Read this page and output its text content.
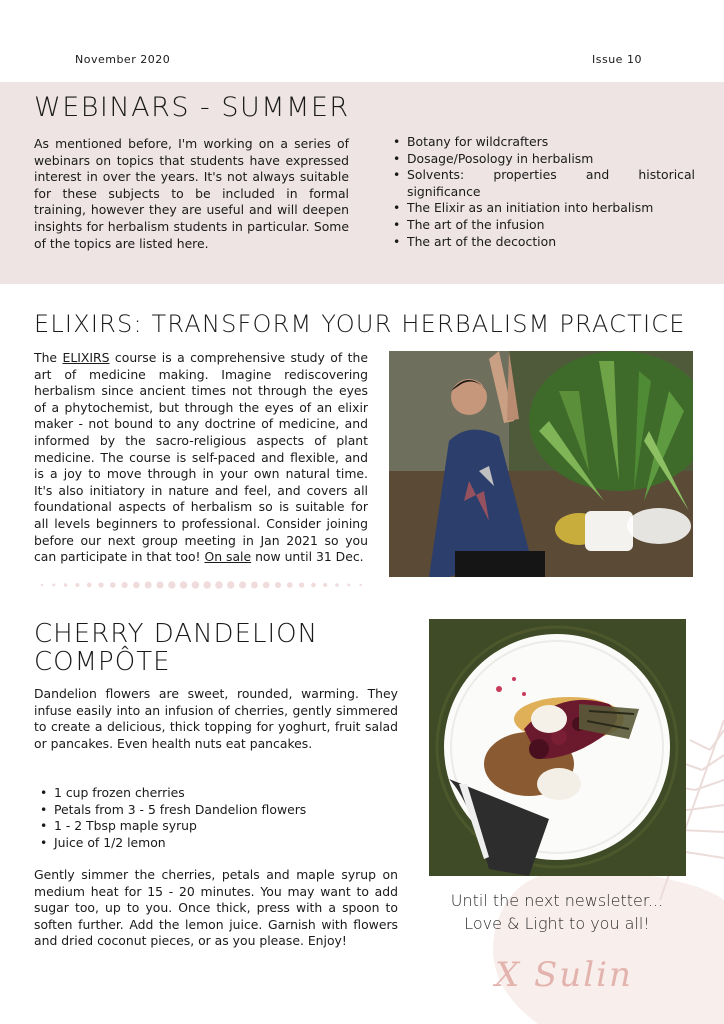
November 2020	Issue 10
WEBINARS - SUMMER

As mentioned before, I'm working on a series of webinars on topics that students have expressed interest in over the years. It's not always suitable for these subjects to be included in formal training, however they are useful and will deepen insights for herbalism students in particular. Some of the topics are listed here.

• Botany for wildcrafters
• Dosage/Posology in herbalism
• Solvents: properties and historical significance
• The Elixir as an initiation into herbalism
• The art of the infusion
• The art of the decoction
ELIXIRS: TRANSFORM YOUR HERBALISM PRACTICE

The ELIXIRS course is a comprehensive study of the art of medicine making. Imagine rediscovering herbalism since ancient times not through the eyes of a phytochemist, but through the eyes of an elixir maker - not bound to any doctrine of medicine, and informed by the sacro-religious aspects of plant medicine. The course is self-paced and flexible, and is a joy to move through in your own natural time. It's also initiatory in nature and feel, and covers all foundational aspects of herbalism so is suitable for all levels beginners to professional. Consider joining before our next group meeting in Jan 2021 so you can participate in that too! On sale now until 31 Dec.

CHERRY DANDELION
COMPÔTE

Dandelion flowers are sweet, rounded, warming. They infuse easily into an infusion of cherries, gently simmered to create a delicious, thick topping for yoghurt, fruit salad or pancakes. Even health nuts eat pancakes.

• 1 cup frozen cherries
• Petals from 3 - 5 fresh Dandelion flowers
• 1 - 2 Tbsp maple syrup
• Juice of 1/2 lemon

Gently simmer the cherries, petals and maple syrup on medium heat for 15 - 20 minutes. You may want to add sugar too, up to you. Once thick, press with a spoon to soften further. Add the lemon juice. Garnish with flowers and dried coconut pieces, or as you please. Enjoy!

Until the next newsletter...
Love & Light to you all!
X Sulin
